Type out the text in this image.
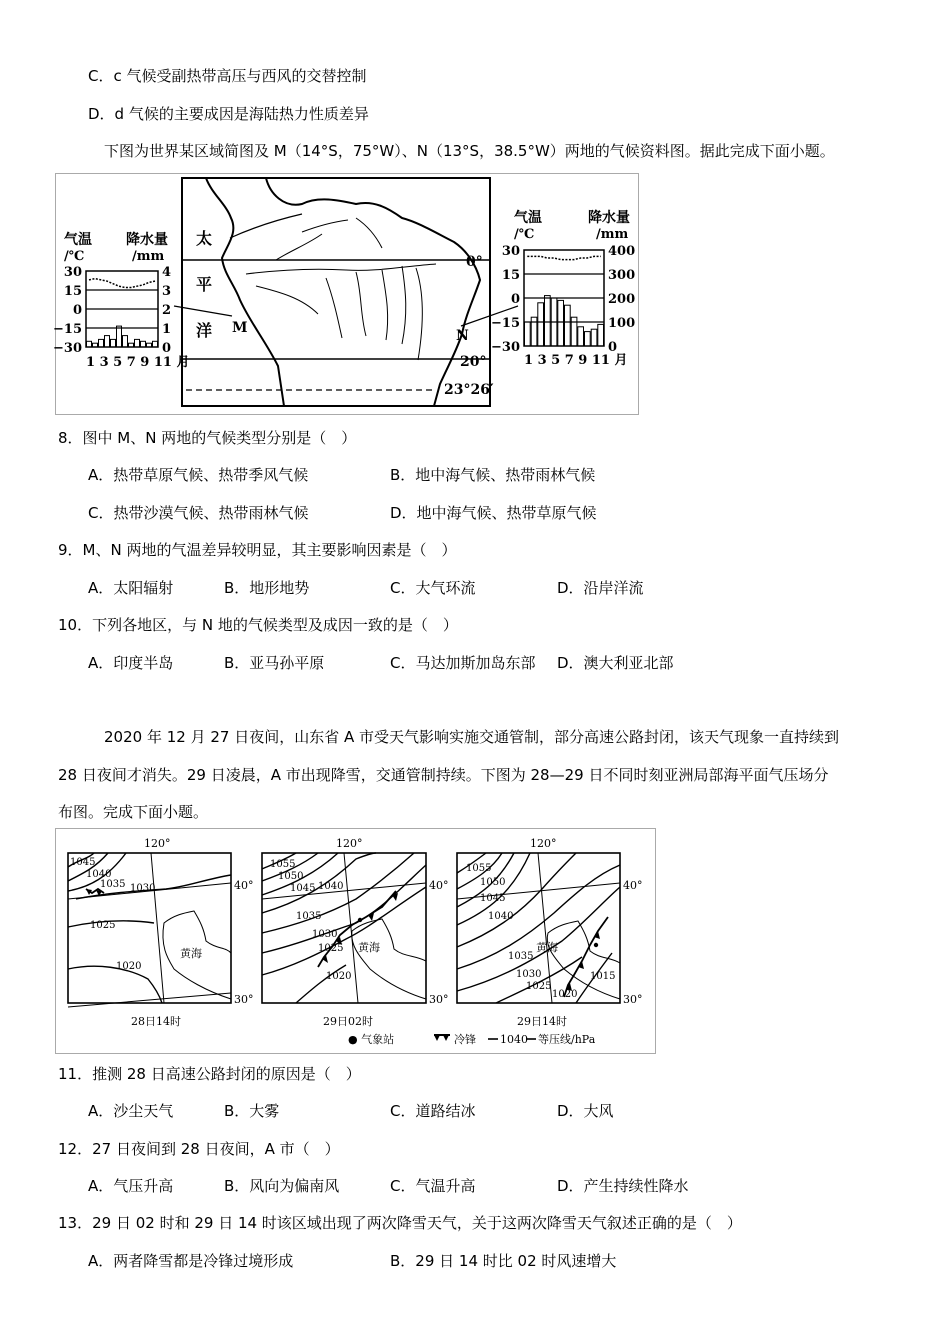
C．c 气候受副热带高压与西风的交替控制
D．d 气候的主要成因是海陆热力性质差异
下图为世界某区域简图及 M（14°S，75°W）、N（13°S，38.5°W）两地的气候资料图。据此完成下面小题。
气温
/℃
降水量
/mm
30
15
0
−15
−30
4
3
2
1
0
1 3 5 7 9 11 月
太
平
洋 M	N
0°
20°
23°26′
气温
/℃
降水量
/mm
30
15
0
−15
−30
400
300
200
100
0
1 3 5 7 9 11 月
8．图中 M、N 两地的气候类型分别是（　）
A．热带草原气候、热带季风气候	B．地中海气候、热带雨林气候
C．热带沙漠气候、热带雨林气候	D．地中海气候、热带草原气候
9．M、N 两地的气温差异较明显，其主要影响因素是（　）
A．太阳辐射	B．地形地势	C．大气环流	D．沿岸洋流
10．下列各地区，与 N 地的气候类型及成因一致的是（　）
A．印度半岛	B．亚马孙平原	C．马达加斯加岛东部 D．澳大利亚北部
2020 年 12 月 27 日夜间，山东省 A 市受天气影响实施交通管制，部分高速公路封闭，该天气现象一直持续到
28 日夜间才消失。29 日凌晨，A 市出现降雪，交通管制持续。下图为 28—29 日不同时刻亚洲局部海平面气压场分
布图。完成下面小题。
120°
1045
1040
1035 1030
1025
1020
黄海
28日14时
120°
1055
1050
1045 1040
1035
1030
1025
1020
黄海
29日02时
120°
1055
1050
1045
1040
1035
1030
1025
1020
1015
黄海
29日14时
40°
30°
40°
30°
40°
30°
● 气象站	冷锋 1040 等压线/hPa
11．推测 28 日高速公路封闭的原因是（　）
A．沙尘天气	B．大雾	C．道路结冰	D．大风
12．27 日夜间到 28 日夜间，A 市（　）
A．气压升高	B．风向为偏南风	C．气温升高	D．产生持续性降水
13．29 日 02 时和 29 日 14 时该区域出现了两次降雪天气，关于这两次降雪天气叙述正确的是（　）
A．两者降雪都是冷锋过境形成	B．29 日 14 时比 02 时风速增大
